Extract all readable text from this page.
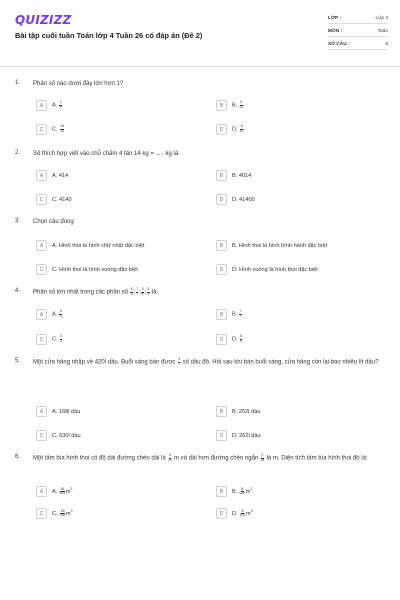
QUIZIZZ
Bài tập cuối tuần Toán lớp 4 Tuần 26 có đáp án (Đề 2)
LỚP :	Lớp 4
MÔN :	Toán
SỐ CÂU :	6
1. Phân số nào dưới đây lớn hơn 1?
A	A. $\frac{1}{5}$	B	B. $\frac{5}{21}$
C	C. $\frac{15}{14}$	D	D. $\frac{8}{19}$
2. Số thích hợp viết vào chỗ chấm 4 tấn 14 kg = ..... kg là:
A	A. 414	B	B. 4014
C	C. 4140	D	D. 41400
3. Chọn câu đúng
A	A. Hình thoi là hình chữ nhật đặc biệt	B	B. Hình thoi là hình bình hành đặc biệt
C	C. Hình thoi là hình vuông đặc biệt	D	D. Hình vuông là hình thoi đặc biệt
4. Phân số lớn nhất trong các phân số $\frac{5}{3}$ ; $\frac{7}{7}$ ; $\frac{5}{5}$ ; $\frac{3}{2}$ là:
A	A. $\frac{5}{3}$	B	B. $\frac{7}{7}$
C	C. $\frac{3}{2}$	D	D. $\frac{5}{5}$
5. Một cửa hàng nhập về 420l dầu. Buổi sáng bán được $\frac{3}{7}$ số dầu đó. Hỏi sau khi bán buổi sáng, cửa hàng còn lại bao nhiêu lít dầu?
A	A. 168l dầu	B	B. 252l dầu
C	C. 630l dầu	D	D. 262l dầu
6. Một tấm bìa hình thoi có độ dài đường chéo dài là $\frac{4}{25}$ m và dài hơn đường chéo ngắn $\frac{2}{25}$ là m. Diện tích tấm bìa hình thoi đó là:
A	A. $\frac{16}{625} m^2$	B	B. $\frac{8}{625} m^2$
C	C. $\frac{16}{200} m^2$	D	D. $\frac{8}{100} m^2$
